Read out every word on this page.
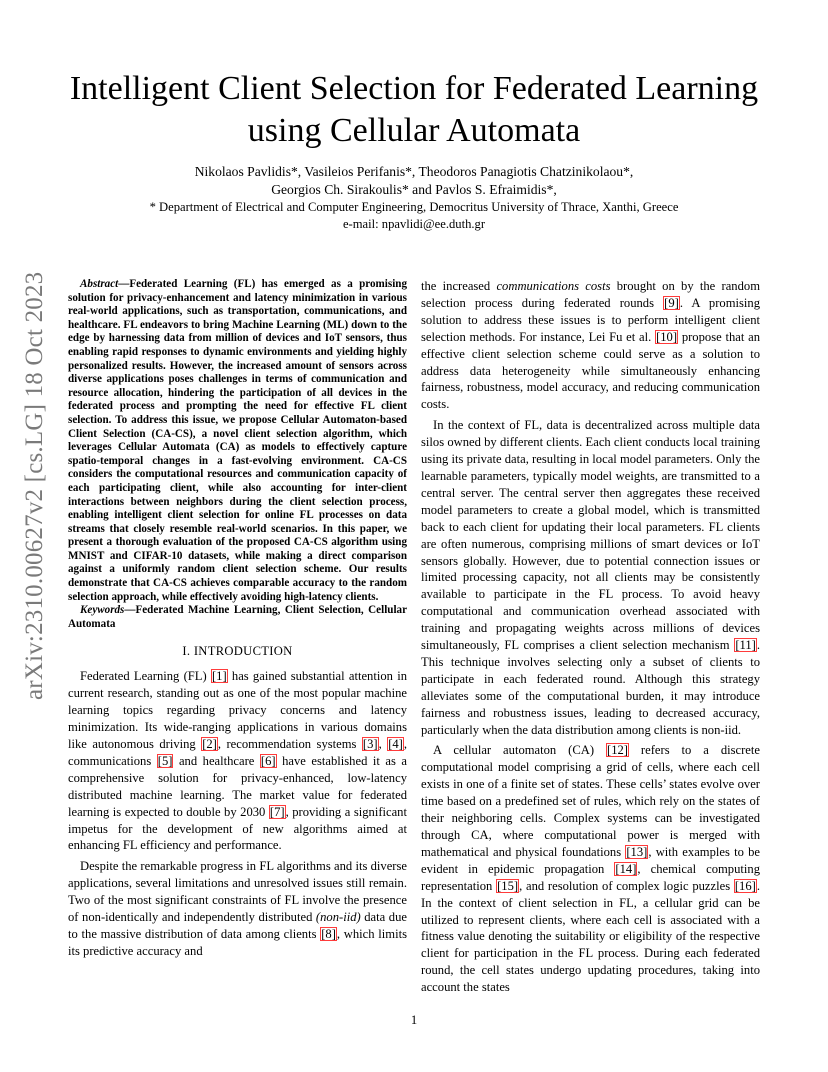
arXiv:2310.00627v2 [cs.LG] 18 Oct 2023
Intelligent Client Selection for Federated Learning using Cellular Automata
Nikolaos Pavlidis*, Vasileios Perifanis*, Theodoros Panagiotis Chatzinikolaou*,
Georgios Ch. Sirakoulis* and Pavlos S. Efraimidis*,
* Department of Electrical and Computer Engineering, Democritus University of Thrace, Xanthi, Greece
e-mail: npavlidi@ee.duth.gr
Abstract—Federated Learning (FL) has emerged as a promising solution for privacy-enhancement and latency minimization in various real-world applications, such as transportation, communications, and healthcare. FL endeavors to bring Machine Learning (ML) down to the edge by harnessing data from million of devices and IoT sensors, thus enabling rapid responses to dynamic environments and yielding highly personalized results. However, the increased amount of sensors across diverse applications poses challenges in terms of communication and resource allocation, hindering the participation of all devices in the federated process and prompting the need for effective FL client selection. To address this issue, we propose Cellular Automaton-based Client Selection (CA-CS), a novel client selection algorithm, which leverages Cellular Automata (CA) as models to effectively capture spatio-temporal changes in a fast-evolving environment. CA-CS considers the computational resources and communication capacity of each participating client, while also accounting for inter-client interactions between neighbors during the client selection process, enabling intelligent client selection for online FL processes on data streams that closely resemble real-world scenarios. In this paper, we present a thorough evaluation of the proposed CA-CS algorithm using MNIST and CIFAR-10 datasets, while making a direct comparison against a uniformly random client selection scheme. Our results demonstrate that CA-CS achieves comparable accuracy to the random selection approach, while effectively avoiding high-latency clients.
Keywords—Federated Machine Learning, Client Selection, Cellular Automata
I. INTRODUCTION

Federated Learning (FL) [1] has gained substantial attention in current research, standing out as one of the most popular machine learning topics regarding privacy concerns and latency minimization. Its wide-ranging applications in various domains like autonomous driving [2], recommendation systems [3], [4], communications [5] and healthcare [6] have established it as a comprehensive solution for privacy-enhanced, low-latency distributed machine learning. The market value for federated learning is expected to double by 2030 [7], providing a significant impetus for the development of new algorithms aimed at enhancing FL efficiency and performance.

Despite the remarkable progress in FL algorithms and its diverse applications, several limitations and unresolved issues still remain. Two of the most significant constraints of FL involve the presence of non-identically and independently distributed (non-iid) data due to the massive distribution of data among clients [8], which limits its predictive accuracy and

the increased communications costs brought on by the random selection process during federated rounds [9]. A promising solution to address these issues is to perform intelligent client selection methods. For instance, Lei Fu et al. [10] propose that an effective client selection scheme could serve as a solution to address data heterogeneity while simultaneously enhancing fairness, robustness, model accuracy, and reducing communication costs.

In the context of FL, data is decentralized across multiple data silos owned by different clients. Each client conducts local training using its private data, resulting in local model parameters. Only the learnable parameters, typically model weights, are transmitted to a central server. The central server then aggregates these received model parameters to create a global model, which is transmitted back to each client for updating their local parameters. FL clients are often numerous, comprising millions of smart devices or IoT sensors globally. However, due to potential connection issues or limited processing capacity, not all clients may be consistently available to participate in the FL process. To avoid heavy computational and communication overhead associated with training and propagating weights across millions of devices simultaneously, FL comprises a client selection mechanism [11]. This technique involves selecting only a subset of clients to participate in each federated round. Although this strategy alleviates some of the computational burden, it may introduce fairness and robustness issues, leading to decreased accuracy, particularly when the data distribution among clients is non-iid.

A cellular automaton (CA) [12] refers to a discrete computational model comprising a grid of cells, where each cell exists in one of a finite set of states. These cells’ states evolve over time based on a predefined set of rules, which rely on the states of their neighboring cells. Complex systems can be investigated through CA, where computational power is merged with mathematical and physical foundations [13], with examples to be evident in epidemic propagation [14], chemical computing representation [15], and resolution of complex logic puzzles [16]. In the context of client selection in FL, a cellular grid can be utilized to represent clients, where each cell is associated with a fitness value denoting the suitability or eligibility of the respective client for participation in the FL process. During each federated round, the cell states undergo updating procedures, taking into account the states

1
